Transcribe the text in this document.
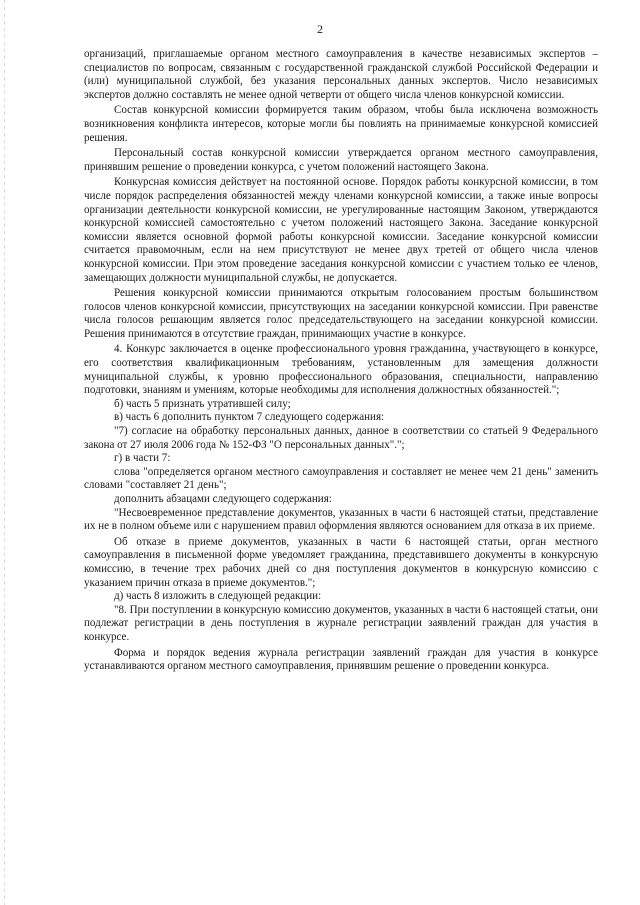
2

организаций, приглашаемые органом местного самоуправления в качестве независимых экспертов – специалистов по вопросам, связанным с государственной гражданской службой Российской Федерации и (или) муниципальной службой, без указания персональных данных экспертов. Число независимых экспертов должно составлять не менее одной четверти от общего числа членов конкурсной комиссии.

Состав конкурсной комиссии формируется таким образом, чтобы была исключена возможность возникновения конфликта интересов, которые могли бы повлиять на принимаемые конкурсной комиссией решения.

Персональный состав конкурсной комиссии утверждается органом местного самоуправления, принявшим решение о проведении конкурса, с учетом положений настоящего Закона.

Конкурсная комиссия действует на постоянной основе. Порядок работы конкурсной комиссии, в том числе порядок распределения обязанностей между членами конкурсной комиссии, а также иные вопросы организации деятельности конкурсной комиссии, не урегулированные настоящим Законом, утверждаются конкурсной комиссией самостоятельно с учетом положений настоящего Закона. Заседание конкурсной комиссии является основной формой работы конкурсной комиссии. Заседание конкурсной комиссии считается правомочным, если на нем присутствуют не менее двух третей от общего числа членов конкурсной комиссии. При этом проведение заседания конкурсной комиссии с участием только ее членов, замещающих должности муниципальной службы, не допускается.

Решения конкурсной комиссии принимаются открытым голосованием простым большинством голосов членов конкурсной комиссии, присутствующих на заседании конкурсной комиссии. При равенстве числа голосов решающим является голос председательствующего на заседании конкурсной комиссии. Решения принимаются в отсутствие граждан, принимающих участие в конкурсе.

4. Конкурс заключается в оценке профессионального уровня гражданина, участвующего в конкурсе, его соответствия квалификационным требованиям, установленным для замещения должности муниципальной службы, к уровню профессионального образования, специальности, направлению подготовки, знаниям и умениям, которые необходимы для исполнения должностных обязанностей.";

б) часть 5 признать утратившей силу;

в) часть 6 дополнить пунктом 7 следующего содержания:

"7) согласие на обработку персональных данных, данное в соответствии со статьей 9 Федерального закона от 27 июля 2006 года № 152-ФЗ "О персональных данных".";

г) в части 7:

слова "определяется органом местного самоуправления и составляет не менее чем 21 день" заменить словами "составляет 21 день";

дополнить абзацами следующего содержания:

"Несвоевременное представление документов, указанных в части 6 настоящей статьи, представление их не в полном объеме или с нарушением правил оформления являются основанием для отказа в их приеме.

Об отказе в приеме документов, указанных в части 6 настоящей статьи, орган местного самоуправления в письменной форме уведомляет гражданина, представившего документы в конкурсную комиссию, в течение трех рабочих дней со дня поступления документов в конкурсную комиссию с указанием причин отказа в приеме документов.";

д) часть 8 изложить в следующей редакции:

"8. При поступлении в конкурсную комиссию документов, указанных в части 6 настоящей статьи, они подлежат регистрации в день поступления в журнале регистрации заявлений граждан для участия в конкурсе.

Форма и порядок ведения журнала регистрации заявлений граждан для участия в конкурсе устанавливаются органом местного самоуправления, принявшим решение о проведении конкурса.
